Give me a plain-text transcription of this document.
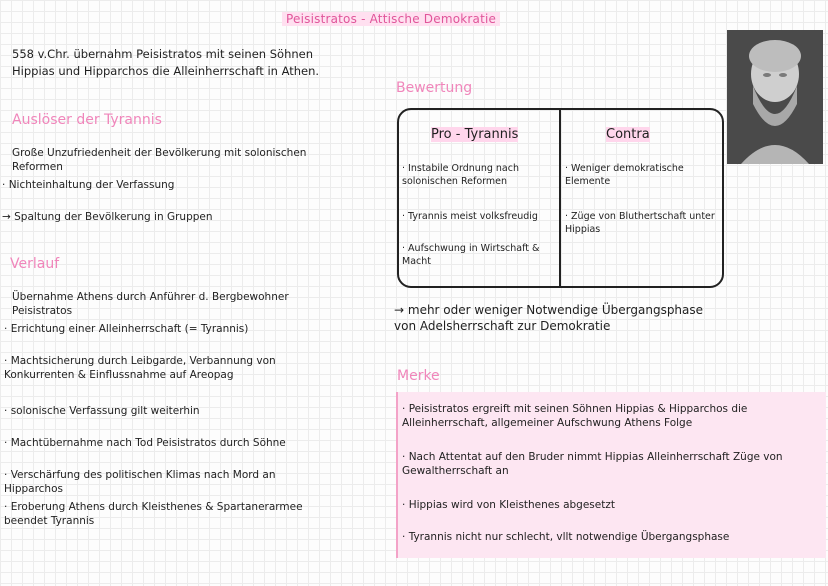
Peisistratos - Attische Demokratie
558 v.Chr. übernahm Peisistratos mit seinen Söhnen Hippias und Hipparchos die Alleinherrschaft in Athen.
Auslöser der Tyrannis
Große Unzufriedenheit der Bevölkerung mit solonischen Reformen
· Nichteinhaltung der Verfassung
→ Spaltung der Bevölkerung in Gruppen
Verlauf
Übernahme Athens durch Anführer d. Bergbewohner Peisistratos
· Errichtung einer Alleinherrschaft (= Tyrannis)
· Machtsicherung durch Leibgarde, Verbannung von Konkurrenten & Einflussnahme auf Areopag
· solonische Verfassung gilt weiterhin
· Machtübernahme nach Tod Peisistratos durch Söhne
· Verschärfung des politischen Klimas nach Mord an Hipparchos
· Eroberung Athens durch Kleisthenes & Spartanerarmee beendet Tyrannis
Bewertung
Pro - Tyrannis	Contra
· Instabile Ordnung nach solonischen Reformen
· Tyrannis meist volksfreudig
· Aufschwung in Wirtschaft & Macht
· Weniger demokratische Elemente
· Züge von Bluthertschaft unter Hippias
→ mehr oder weniger Notwendige Übergangsphase von Adelsherrschaft zur Demokratie
Merke
· Peisistratos ergreift mit seinen Söhnen Hippias & Hipparchos die Alleinherrschaft, allgemeiner Aufschwung Athens Folge
· Nach Attentat auf den Bruder nimmt Hippias Alleinherrschaft Züge von Gewaltherrschaft an
· Hippias wird von Kleisthenes abgesetzt
· Tyrannis nicht nur schlecht, vllt notwendige Übergangsphase
